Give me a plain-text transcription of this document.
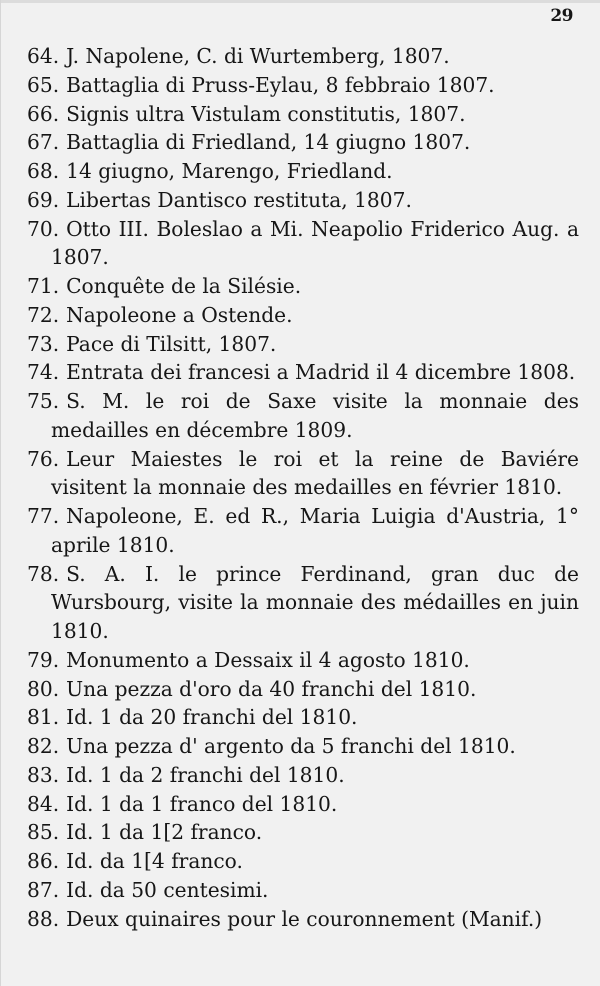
29
64. J. Napolene, C. di Wurtemberg, 1807.
65. Battaglia di Pruss-Eylau, 8 febbraio 1807.
66. Signis ultra Vistulam constitutis, 1807.
67. Battaglia di Friedland, 14 giugno 1807.
68. 14 giugno, Marengo, Friedland.
69. Libertas Dantisco restituta, 1807.
70. Otto III. Boleslao a Mi. Neapolio Friderico Aug. a 1807.
71. Conquête de la Silésie.
72. Napoleone a Ostende.
73. Pace di Tilsitt, 1807.
74. Entrata dei francesi a Madrid il 4 dicembre 1808.
75. S. M. le roi de Saxe visite la monnaie des medailles en décembre 1809.
76. Leur Maiestes le roi et la reine de Baviére visitent la monnaie des medailles en février 1810.
77. Napoleone, E. ed R., Maria Luigia d'Austria, 1° aprile 1810.
78. S. A. I. le prince Ferdinand, gran duc de Wursbourg, visite la monnaie des médailles en juin 1810.
79. Monumento a Dessaix il 4 agosto 1810.
80. Una pezza d'oro da 40 franchi del 1810.
81. Id. 1 da 20 franchi del 1810.
82. Una pezza d' argento da 5 franchi del 1810.
83. Id. 1 da 2 franchi del 1810.
84. Id. 1 da 1 franco del 1810.
85. Id. 1 da 1[2 franco.
86. Id. da 1[4 franco.
87. Id. da 50 centesimi.
88. Deux quinaires pour le couronnement (Manif.)
